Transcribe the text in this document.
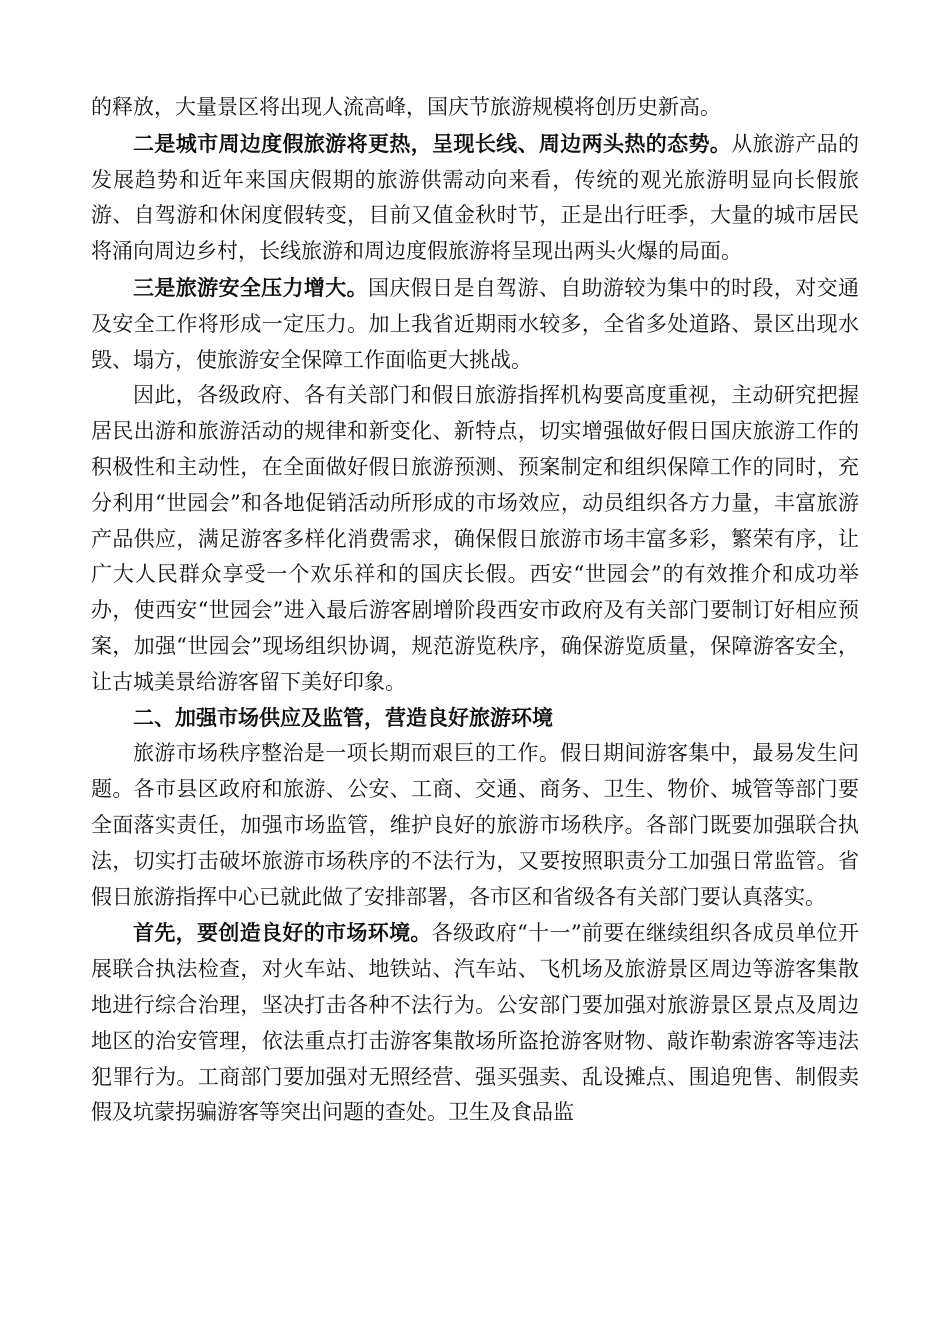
的释放，大量景区将出现人流高峰，国庆节旅游规模将创历史新高。

二是城市周边度假旅游将更热，呈现长线、周边两头热的态势。从旅游产品的发展趋势和近年来国庆假期的旅游供需动向来看，传统的观光旅游明显向长假旅游、自驾游和休闲度假转变，目前又值金秋时节，正是出行旺季，大量的城市居民将涌向周边乡村，长线旅游和周边度假旅游将呈现出两头火爆的局面。

三是旅游安全压力增大。国庆假日是自驾游、自助游较为集中的时段，对交通及安全工作将形成一定压力。加上我省近期雨水较多，全省多处道路、景区出现水毁、塌方，使旅游安全保障工作面临更大挑战。

因此，各级政府、各有关部门和假日旅游指挥机构要高度重视，主动研究把握居民出游和旅游活动的规律和新变化、新特点，切实增强做好假日国庆旅游工作的积极性和主动性，在全面做好假日旅游预测、预案制定和组织保障工作的同时，充分利用“世园会”和各地促销活动所形成的市场效应，动员组织各方力量，丰富旅游产品供应，满足游客多样化消费需求，确保假日旅游市场丰富多彩，繁荣有序，让广大人民群众享受一个欢乐祥和的国庆长假。西安“世园会”的有效推介和成功举办，使西安“世园会”进入最后游客剧增阶段西安市政府及有关部门要制订好相应预案，加强“世园会”现场组织协调，规范游览秩序，确保游览质量，保障游客安全，让古城美景给游客留下美好印象。

二、加强市场供应及监管，营造良好旅游环境

旅游市场秩序整治是一项长期而艰巨的工作。假日期间游客集中，最易发生问题。各市县区政府和旅游、公安、工商、交通、商务、卫生、物价、城管等部门要全面落实责任，加强市场监管，维护良好的旅游市场秩序。各部门既要加强联合执法，切实打击破坏旅游市场秩序的不法行为，又要按照职责分工加强日常监管。省假日旅游指挥中心已就此做了安排部署，各市区和省级各有关部门要认真落实。

首先，要创造良好的市场环境。各级政府“十一”前要在继续组织各成员单位开展联合执法检查，对火车站、地铁站、汽车站、飞机场及旅游景区周边等游客集散地进行综合治理，坚决打击各种不法行为。公安部门要加强对旅游景区景点及周边地区的治安管理，依法重点打击游客集散场所盗抢游客财物、敲诈勒索游客等违法犯罪行为。工商部门要加强对无照经营、强买强卖、乱设摊点、围追兜售、制假卖假及坑蒙拐骗游客等突出问题的查处。卫生及食品监
